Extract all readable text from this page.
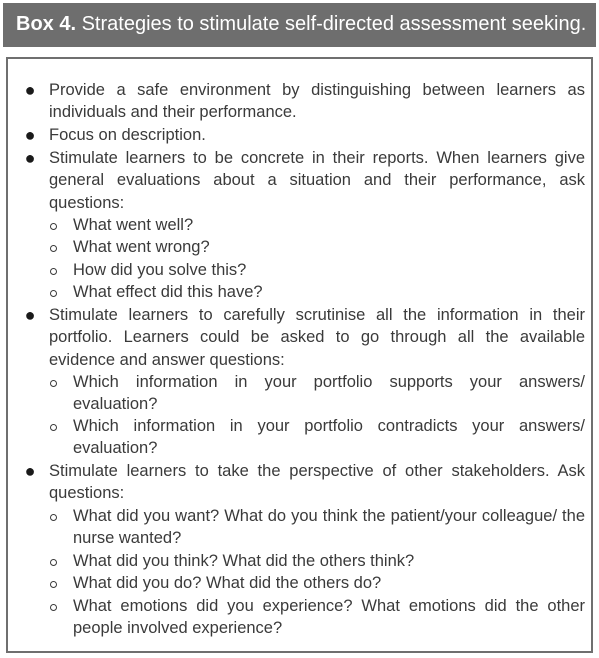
Box 4. Strategies to stimulate self-directed assessment seeking.
● Provide a safe environment by distinguishing between learners as individuals and their performance.
● Focus on description.
● Stimulate learners to be concrete in their reports. When learners give general evaluations about a situation and their performance, ask questions:
What went well?
What went wrong?
How did you solve this?
What effect did this have?
● Stimulate learners to carefully scrutinise all the information in their portfolio. Learners could be asked to go through all the available evidence and answer questions:
Which information in your portfolio supports your answers/ evaluation?
Which information in your portfolio contradicts your answers/ evaluation?
● Stimulate learners to take the perspective of other stakeholders. Ask questions:
What did you want? What do you think the patient/your colleague/ the nurse wanted?
What did you think? What did the others think?
What did you do? What did the others do?
What emotions did you experience? What emotions did the other people involved experience?
